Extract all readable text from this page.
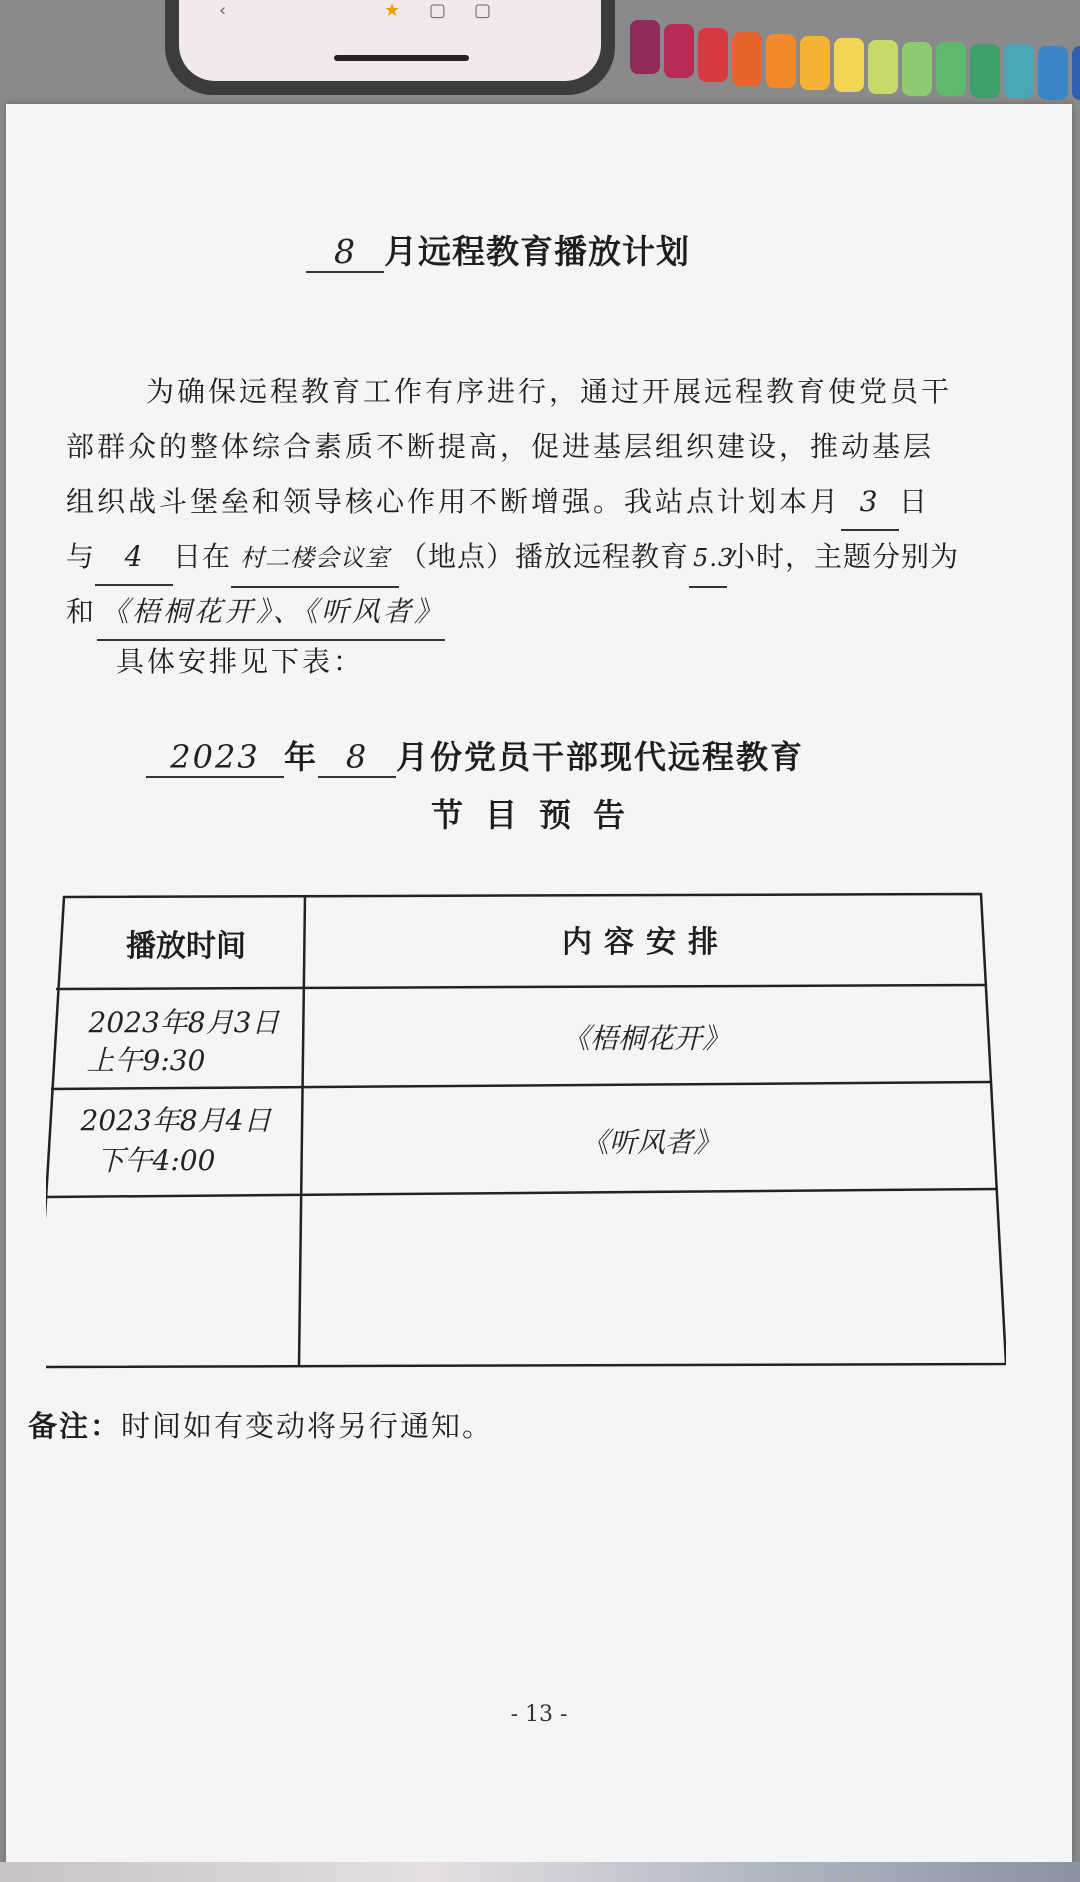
‹	★ ▢ ▢
8 月远程教育播放计划
为确保远程教育工作有序进行，通过开展远程教育使党员干
部群众的整体综合素质不断提高，促进基层组织建设，推动基层
组织战斗堡垒和领导核心作用不断增强。我站点计划本月 3 日
与 4 日在 村二楼会议室 （地点）播放远程教育 5.3小时，主题分别为
和 《梧桐花开》、《听风者》
具体安排见下表：
2023 年 8 月份党员干部现代远程教育
节目预告
播放时间	内容安排
2023年8月3日
上午9:30
《梧桐花开》
2023年8月4日
下午4:00
《听风者》
备注：时间如有变动将另行通知。
- 13 -
